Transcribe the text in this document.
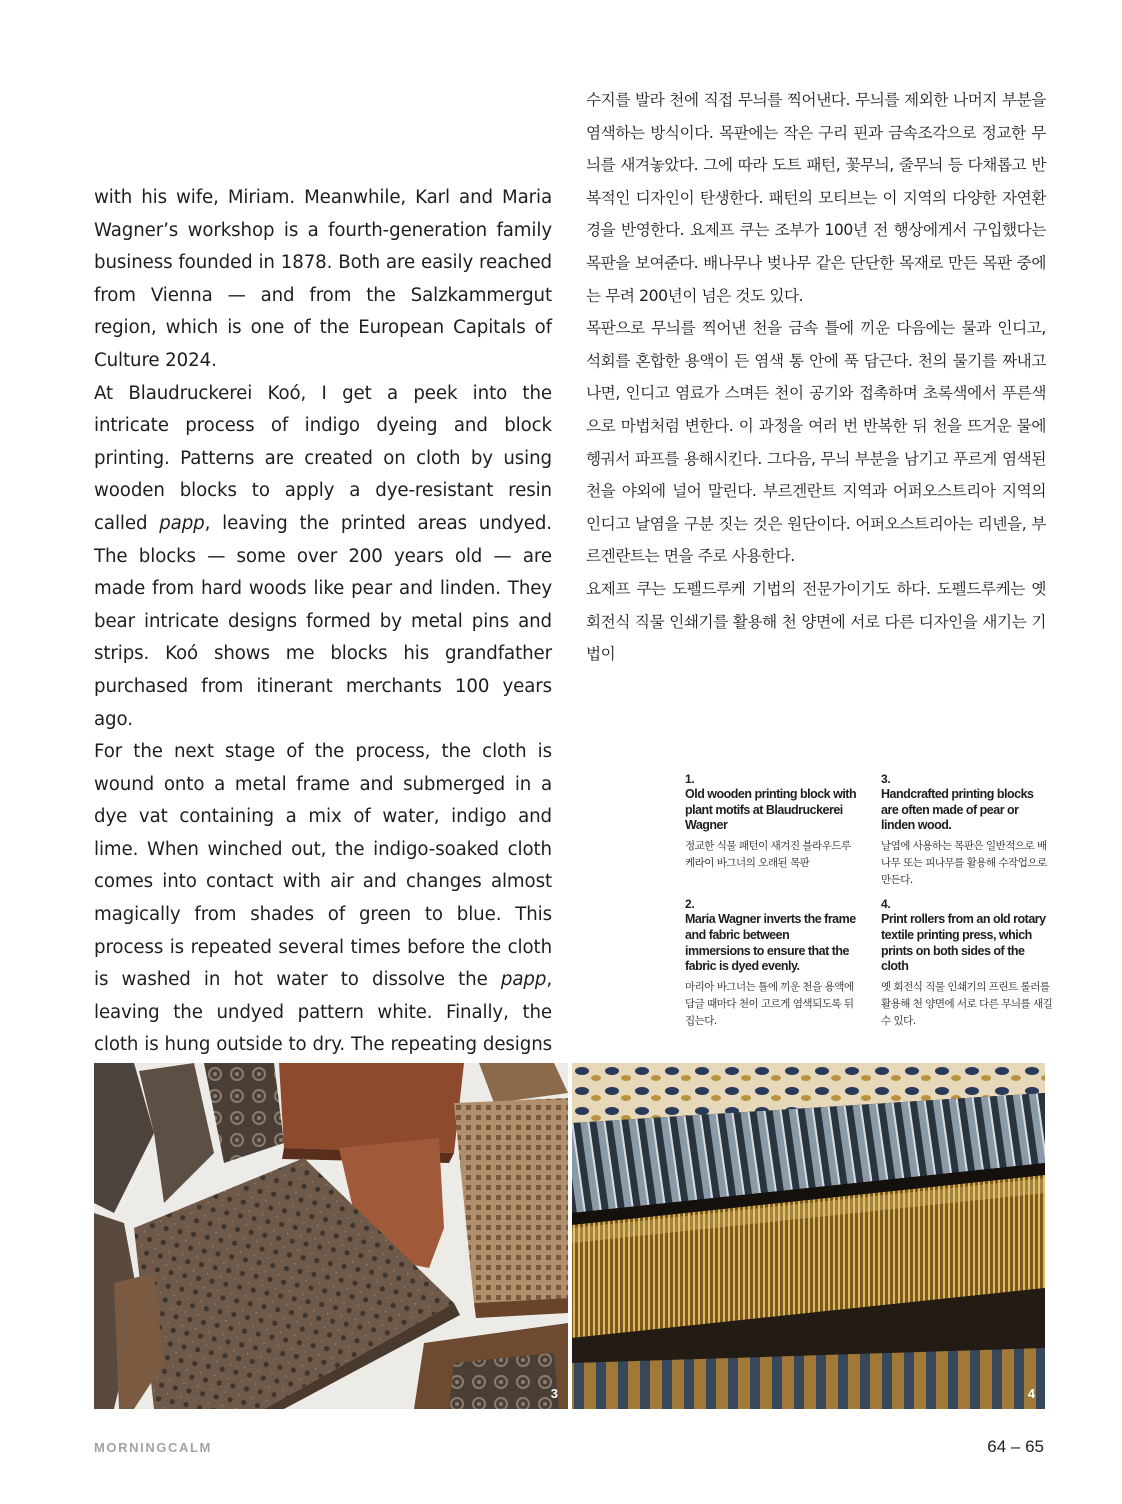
with his wife, Miriam. Meanwhile, Karl and Maria Wagner’s workshop is a fourth-generation family business founded in 1878. Both are easily reached from Vienna — and from the Salzkammergut region, which is one of the European Capitals of Culture 2024.

At Blaudruckerei Koó, I get a peek into the intricate process of indigo dyeing and block printing. Patterns are created on cloth by using wooden blocks to apply a dye-resistant resin called papp, leaving the printed areas undyed. The blocks — some over 200 years old — are made from hard woods like pear and linden. They bear intricate designs formed by metal pins and strips. Koó shows me blocks his grandfather purchased from itinerant merchants 100 years ago.

For the next stage of the process, the cloth is wound onto a metal frame and submerged in a dye vat containing a mix of water, indigo and lime. When winched out, the indigo-soaked cloth comes into contact with air and changes almost magically from shades of green to blue. This process is repeated several times before the cloth is washed in hot water to dissolve the papp, leaving the undyed pattern white. Finally, the cloth is hung outside to dry. The repeating designs

수지를 발라 천에 직접 무늬를 찍어낸다. 무늬를 제외한 나머지 부분을 염색하는 방식이다. 목판에는 작은 구리 핀과 금속조각으로 정교한 무늬를 새겨놓았다. 그에 따라 도트 패턴, 꽃무늬, 줄무늬 등 다채롭고 반복적인 디자인이 탄생한다. 패턴의 모티브는 이 지역의 다양한 자연환경을 반영한다. 요제프 쿠는 조부가 100년 전 행상에게서 구입했다는 목판을 보여준다. 배나무나 벚나무 같은 단단한 목재로 만든 목판 중에는 무려 200년이 넘은 것도 있다.

목판으로 무늬를 찍어낸 천을 금속 틀에 끼운 다음에는 물과 인디고, 석회를 혼합한 용액이 든 염색 통 안에 푹 담근다. 천의 물기를 짜내고 나면, 인디고 염료가 스며든 천이 공기와 접촉하며 초록색에서 푸른색으로 마법처럼 변한다. 이 과정을 여러 번 반복한 뒤 천을 뜨거운 물에 헹궈서 파프를 용해시킨다. 그다음, 무늬 부분을 남기고 푸르게 염색된 천을 야외에 널어 말린다. 부르겐란트 지역과 어퍼오스트리아 지역의 인디고 날염을 구분 짓는 것은 원단이다. 어퍼오스트리아는 리넨을, 부르겐란트는 면을 주로 사용한다.

요제프 쿠는 도펠드루케 기법의 전문가이기도 하다. 도펠드루케는 옛 회전식 직물 인쇄기를 활용해 천 양면에 서로 다른 디자인을 새기는 기법이

1.
Old wooden printing block with plant motifs at Blaudruckerei Wagner
정교한 식물 패턴이 새겨진 블라우드루케라이 바그너의 오래된 목판
3.
Handcrafted printing blocks are often made of pear or linden wood.
날염에 사용하는 목판은 일반적으로 배나무 또는 피나무를 활용해 수작업으로 만든다.
2.
Maria Wagner inverts the frame and fabric between immersions to ensure that the fabric is dyed evenly.
마리아 바그너는 틀에 끼운 천을 용액에 담글 때마다 천이 고르게 염색되도록 뒤집는다.
4.
Print rollers from an old rotary textile printing press, which prints on both sides of the cloth
옛 회전식 직물 인쇄기의 프린트 롤러를 활용해 천 양면에 서로 다른 무늬를 새길 수 있다.
3	4
MORNINGCALM	64 – 65
